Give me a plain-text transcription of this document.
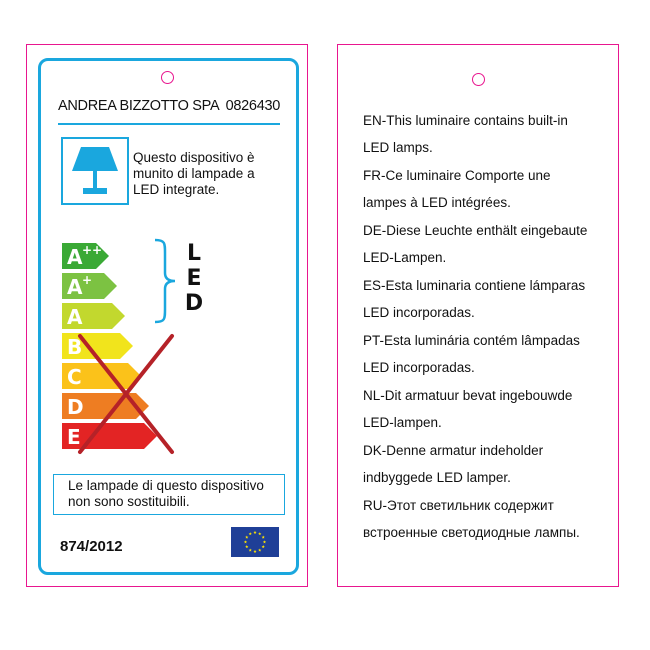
ANDREA BIZZOTTO SPA 0826430
Questo dispositivo è
munito di lampade a
LED integrate.
A ++
A +
A
B
C
D
E
L
E
D
Le lampade di questo dispositivo
non sono sostituibili.
874/2012
EN-This luminaire contains built-in
LED lamps.
FR-Ce luminaire Comporte une
lampes à LED intégrées.
DE-Diese Leuchte enthält eingebaute
LED-Lampen.
ES-Esta luminaria contiene lámparas
LED incorporadas.
PT-Esta luminária contém lâmpadas
LED incorporadas.
NL-Dit armatuur bevat ingebouwde
LED-lampen.
DK-Denne armatur indeholder
indbyggede LED lamper.
RU-Этот светильник содержит
встроенные светодиодные лампы.
